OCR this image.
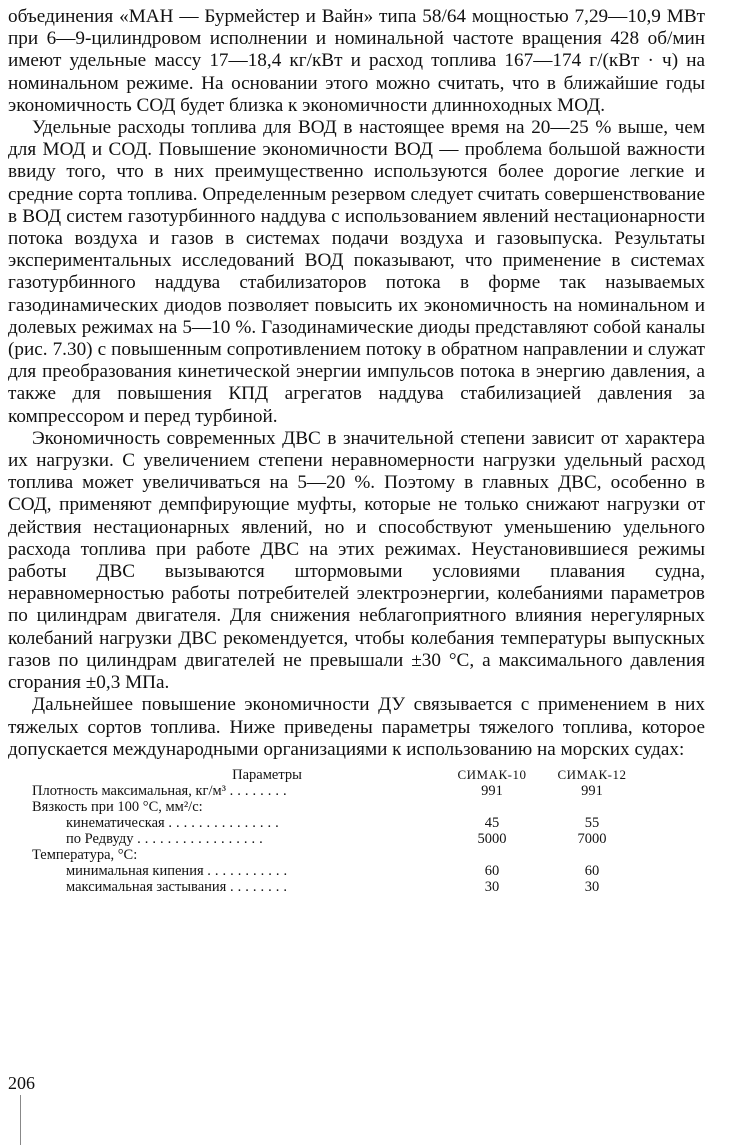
объединения «МАН — Бурмейстер и Вайн» типа 58/64 мощностью 7,29—10,9 МВт при 6—9-цилиндровом исполнении и номинальной частоте вращения 428 об/мин имеют удельные массу 17—18,4 кг/кВт и расход топлива 167—174 г/(кВт · ч) на номинальном режиме. На основании этого можно считать, что в ближайшие годы экономичность СОД будет близка к экономичности длиннoходных МОД.

Удельные расходы топлива для ВОД в настоящее время на 20—25 % выше, чем для МОД и СОД. Повышение экономичности ВОД — проблема большой важности ввиду того, что в них преимущественно используются более дорогие легкие и средние сорта топлива. Определенным резервом следует считать совершенствование в ВОД систем газотурбинного наддува с использованием явлений нестационарности потока воздуха и газов в системах подачи воздуха и газовыпуска. Результаты экспериментальных исследований ВОД показывают, что применение в системах газотурбинного наддува стабилизаторов потока в форме так называемых газодинамических диодов позволяет повысить их экономичность на номинальном и долевых режимах на 5—10 %. Газодинамические диоды представляют собой каналы (рис. 7.30) с повышенным сопротивлением потоку в обратном направлении и служат для преобразования кинетической энергии импульсов потока в энергию давления, а также для повышения КПД агрегатов наддува стабилизацией давления за компрессором и перед турбиной.

Экономичность современных ДВС в значительной степени зависит от характера их нагрузки. С увеличением степени неравномерности нагрузки удельный расход топлива может увеличиваться на 5—20 %. Поэтому в главных ДВС, особенно в СОД, применяют демпфирующие муфты, которые не только снижают нагрузки от действия нестационарных явлений, но и способствуют уменьшению удельного расхода топлива при работе ДВС на этих режимах. Неустановившиеся режимы работы ДВС вызываются штормовыми условиями плавания судна, неравномерностью работы потребителей электроэнергии, колебаниями параметров по цилиндрам двигателя. Для снижения неблагоприятного влияния нерегулярных колебаний нагрузки ДВС рекомендуется, чтобы колебания температуры выпускных газов по цилиндрам двигателей не превышали ±30 °С, а максимального давления сгорания ±0,3 МПа.

Дальнейшее повышение экономичности ДУ связывается с применением в них тяжелых сортов топлива. Ниже приведены параметры тяжелого топлива, которое допускается международными организациями к использованию на морских судах:

Параметры	СИМАК-10	СИМАК-12
Плотность максимальная, кг/м³ ........	991	991
Вязкость при 100 °С, мм²/с:
кинематическая ...............	45	55
по Редвуду .................	5000	7000
Температура, °С:
минимальная кипения ...........	60	60
максимальная застывания ........	30	30
206
